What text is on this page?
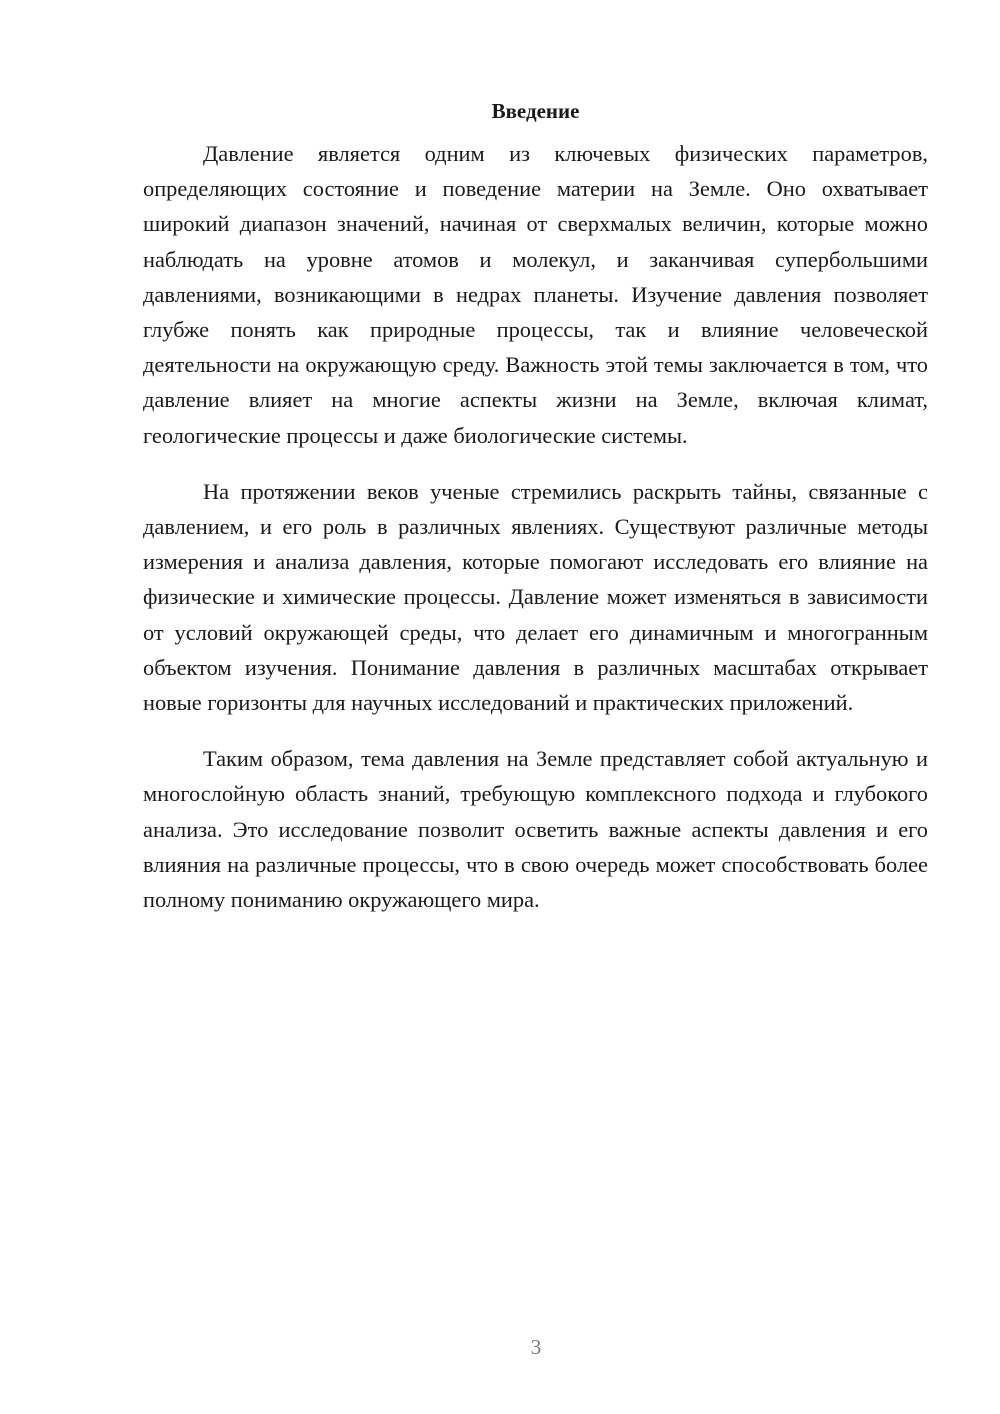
Введение

Давление является одним из ключевых физических параметров, определяющих состояние и поведение материи на Земле. Оно охватывает широкий диапазон значений, начиная от сверхмалых величин, которые можно наблюдать на уровне атомов и молекул, и заканчивая супербольшими давлениями, возникающими в недрах планеты. Изучение давления позволяет глубже понять как природные процессы, так и влияние человеческой деятельности на окружающую среду. Важность этой темы заключается в том, что давление влияет на многие аспекты жизни на Земле, включая климат, геологические процессы и даже биологические системы.

На протяжении веков ученые стремились раскрыть тайны, связанные с давлением, и его роль в различных явлениях. Существуют различные методы измерения и анализа давления, которые помогают исследовать его влияние на физические и химические процессы. Давление может изменяться в зависимости от условий окружающей среды, что делает его динамичным и многогранным объектом изучения. Понимание давления в различных масштабах открывает новые горизонты для научных исследований и практических приложений.

Таким образом, тема давления на Земле представляет собой актуальную и многослойную область знаний, требующую комплексного подхода и глубокого анализа. Это исследование позволит осветить важные аспекты давления и его влияния на различные процессы, что в свою очередь может способствовать более полному пониманию окружающего мира.

3
